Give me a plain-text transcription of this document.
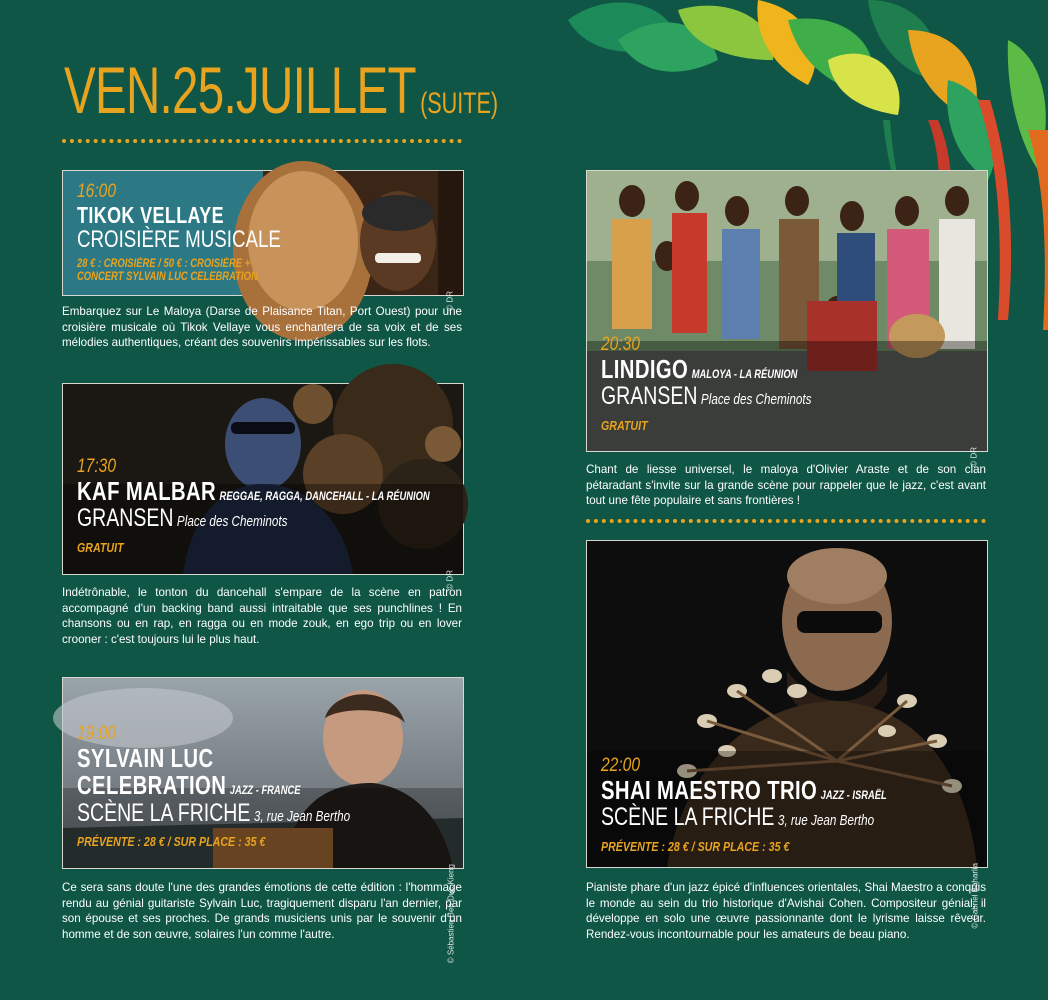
VEN.25.JUILLET (SUITE)
© DR
16:00
TIKOK VELLAYE
CROISIÈRE MUSICALE
28 € : CROISIÈRE / 50 € : CROISIÈRE +
CONCERT SYLVAIN LUC CELEBRATION

Embarquez sur Le Maloya (Darse de Plaisance Titan, Port Ouest) pour une croisière musicale où Tikok Vellaye vous enchantera de sa voix et de ses mélodies authentiques, créant des souvenirs impérissables sur les flots.

© DR
17:30
KAF MALBAR REGGAE, RAGGA, DANCEHALL - LA RÉUNION
GRANSEN Place des Cheminots
GRATUIT

Indétrônable, le tonton du dancehall s'empare de la scène en patron accompagné d'un backing band aussi intraitable que ses punchlines ! En chansons ou en rap, en ragga ou en mode zouk, en ego trip ou en lover crooner : c'est toujours lui le plus haut.

© Sébastien Ben Duc Kieng
19:00
SYLVAIN LUC
CELEBRATION JAZZ - FRANCE
SCÈNE LA FRICHE 3, rue Jean Bertho
PRÉVENTE : 28 € / SUR PLACE : 35 €

Ce sera sans doute l'une des grandes émotions de cette édition : l'hommage rendu au génial guitariste Sylvain Luc, tragiquement disparu l'an dernier, par son épouse et ses proches. De grands musiciens unis par le souvenir d'un homme et de son œuvre, solaires l'un comme l'autre.

© DR
20:30
LINDIGO MALOYA - LA RÉUNION
GRANSEN Place des Cheminots
GRATUIT

Chant de liesse universel, le maloya d'Olivier Araste et de son clan pétaradant s'invite sur la grande scène pour rappeler que le jazz, c'est avant tout une fête populaire et sans frontières !

© Gabriel Baharlia
22:00
SHAI MAESTRO TRIO JAZZ - ISRAËL
SCÈNE LA FRICHE 3, rue Jean Bertho
PRÉVENTE : 28 € / SUR PLACE : 35 €

Pianiste phare d'un jazz épicé d'influences orientales, Shai Maestro a conquis le monde au sein du trio historique d'Avishai Cohen. Compositeur génial, il développe en solo une œuvre passionnante dont le lyrisme laisse rêveur. Rendez-vous incontournable pour les amateurs de beau piano.
